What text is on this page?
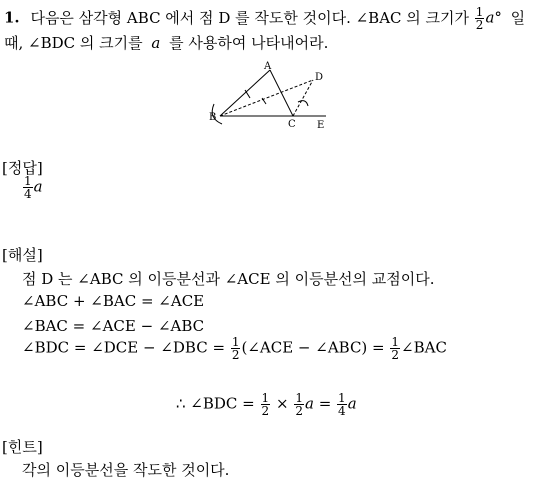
1. 다음은 삼각형 ABC 에서 점 D 를 작도한 것이다. ∠BAC 의 크기가 $\frac{1}{2} a^\circ$ 일
때, ∠BDC 의 크기를 a 를 사용하여 나타내어라.
A
B
C
D
E
[정답]
$\frac{1}{4}$ a
[해설]
점 D 는 ∠ABC 의 이등분선과 ∠ACE 의 이등분선의 교점이다.
∠ABC + ∠BAC = ∠ACE
∠BAC = ∠ACE − ∠ABC
∠BDC = ∠DCE − ∠DBC = $\frac{1}{2}$ (∠ACE − ∠ABC) = $\frac{1}{2}$ ∠BAC
∴ ∠BDC = $\frac{1}{2} \times \frac{1}{2}$ $a = \frac{1}{4}$ a
[힌트]
각의 이등분선을 작도한 것이다.
